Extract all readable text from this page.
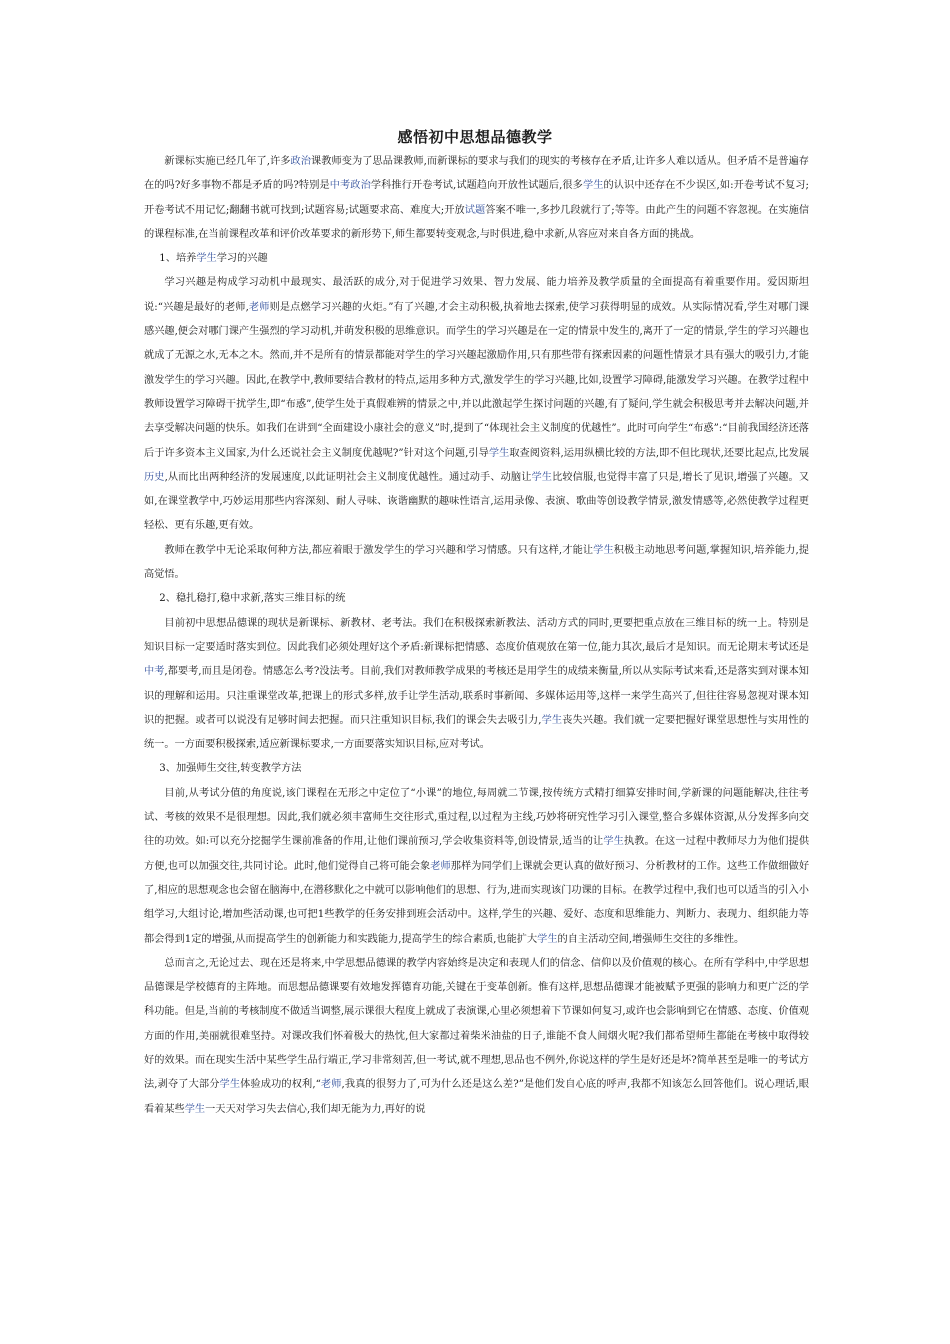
感悟初中思想品德教学

新课标实施已经几年了,许多政治课教师变为了思品课教师,而新课标的要求与我们的现实的考核存在矛盾,让许多人难以适从。但矛盾不是普遍存在的吗?好多事物不都是矛盾的吗?特别是中考政治学科推行开卷考试,试题趋向开放性试题后,很多学生的认识中还存在不少误区,如:开卷考试不复习;开卷考试不用记忆;翻翻书就可找到;试题容易;试题要求高、难度大;开放试题答案不唯一,多抄几段就行了;等等。由此产生的问题不容忽视。在实施信的课程标准,在当前课程改革和评价改革要求的新形势下,师生都要转变观念,与时俱进,稳中求新,从容应对来自各方面的挑战。

1、培养学生学习的兴趣

学习兴趣是构成学习动机中最现实、最活跃的成分,对于促进学习效果、智力发展、能力培养及教学质量的全面提高有着重要作用。爱因斯坦说:“兴趣是最好的老师,老师则是点燃学习兴趣的火炬。”有了兴趣,才会主动积极,执着地去探索,使学习获得明显的成效。从实际情况看,学生对哪门课感兴趣,便会对哪门课产生强烈的学习动机,并萌发积极的思维意识。而学生的学习兴趣是在一定的情景中发生的,离开了一定的情景,学生的学习兴趣也就成了无源之水,无本之木。然而,并不是所有的情景都能对学生的学习兴趣起激励作用,只有那些带有探索因素的问题性情景才具有强大的吸引力,才能激发学生的学习兴趣。因此,在教学中,教师要结合教材的特点,运用多种方式,激发学生的学习兴趣,比如,设置学习障碍,能激发学习兴趣。在教学过程中教师设置学习障碍干扰学生,即“布惑”,使学生处于真假难辨的情景之中,并以此激起学生探讨问题的兴趣,有了疑问,学生就会积极思考并去解决问题,并去享受解决问题的快乐。如我们在讲到“全面建设小康社会的意义”时,提到了“体现社会主义制度的优越性”。此时可向学生“布惑”:“目前我国经济还落后于许多资本主义国家,为什么还说社会主义制度优越呢?”针对这个问题,引导学生取查阅资料,运用纵横比较的方法,即不但比现状,还要比起点,比发展历史,从而比出两种经济的发展速度,以此证明社会主义制度优越性。通过动手、动脑让学生比较信服,也觉得丰富了只是,增长了见识,增强了兴趣。又如,在课堂教学中,巧妙运用那些内容深刻、耐人寻味、诙谐幽默的趣味性语言,运用录像、表演、歌曲等创设教学情景,激发情感等,必然使教学过程更轻松、更有乐趣,更有效。

教师在教学中无论采取何种方法,都应着眼于激发学生的学习兴趣和学习情感。只有这样,才能让学生积极主动地思考问题,掌握知识,培养能力,提高觉悟。

2、稳扎稳打,稳中求新,落实三维目标的统

目前初中思想品德课的现状是新课标、新教材、老考法。我们在积极探索新教法、活动方式的同时,更要把重点放在三维目标的统一上。特别是知识目标一定要适时落实到位。因此我们必须处理好这个矛盾:新课标把情感、态度价值观放在第一位,能力其次,最后才是知识。而无论期末考试还是中考,都要考,而且是闭卷。情感怎么考?没法考。目前,我们对教师教学成果的考核还是用学生的成绩来衡量,所以从实际考试来看,还是落实到对课本知识的理解和运用。只注重课堂改革,把课上的形式多样,放手让学生活动,联系时事新闻、多媒体运用等,这样一来学生高兴了,但往往容易忽视对课本知识的把握。或者可以说没有足够时间去把握。而只注重知识目标,我们的课会失去吸引力,学生丧失兴趣。我们就一定要把握好课堂思想性与实用性的统一。一方面要积极探索,适应新课标要求,一方面要落实知识目标,应对考试。

3、加强师生交往,转变教学方法

目前,从考试分值的角度说,该门课程在无形之中定位了“小课”的地位,每周就二节课,按传统方式精打细算安排时间,学新课的问题能解决,往往考试、考核的效果不是很理想。因此,我们就必须丰富师生交往形式,重过程,以过程为主线,巧妙将研究性学习引入课堂,整合多媒体资源,从分发挥多向交往的功效。如:可以充分挖掘学生课前准备的作用,让他们课前预习,学会收集资料等,创设情景,适当的让学生执教。在这一过程中教师尽力为他们提供方便,也可以加强交往,共同讨论。此时,他们觉得自己将可能会象老师那样为同学们上课就会更认真的做好预习、分析教材的工作。这些工作做细做好了,相应的思想观念也会留在脑海中,在潜移默化之中就可以影响他们的思想、行为,进而实现该门功课的目标。在教学过程中,我们也可以适当的引入小组学习,大组讨论,增加些活动课,也可把1些教学的任务安排到班会活动中。这样,学生的兴趣、爱好、态度和思维能力、判断力、表现力、组织能力等都会得到1定的增强,从而提高学生的创新能力和实践能力,提高学生的综合素质,也能扩大学生的自主活动空间,增强师生交往的多维性。

总而言之,无论过去、现在还是将来,中学思想品德课的教学内容始终是决定和表现人们的信念、信仰以及价值观的核心。在所有学科中,中学思想品德课是学校德育的主阵地。而思想品德课要有效地发挥德育功能,关键在于变革创新。惟有这样,思想品德课才能被赋予更强的影响力和更广泛的学科功能。但是,当前的考核制度不做适当调整,展示课很大程度上就成了表演课,心里必须想着下节课如何复习,或许也会影响到它在情感、态度、价值观方面的作用,美丽就很难坚持。对课改我们怀着极大的热忱,但大家都过着柴米油盐的日子,谁能不食人间烟火呢?我们都希望师生都能在考核中取得较好的效果。而在现实生活中某些学生品行端正,学习非常刻苦,但一考试,就不理想,思品也不例外,你说这样的学生是好还是坏?简单甚至是唯一的考试方法,剥夺了大部分学生体验成功的权利,“老师,我真的很努力了,可为什么还是这么差?”是他们发自心底的呼声,我都不知该怎么回答他们。说心理话,眼看着某些学生一天天对学习失去信心,我们却无能为力,再好的说
